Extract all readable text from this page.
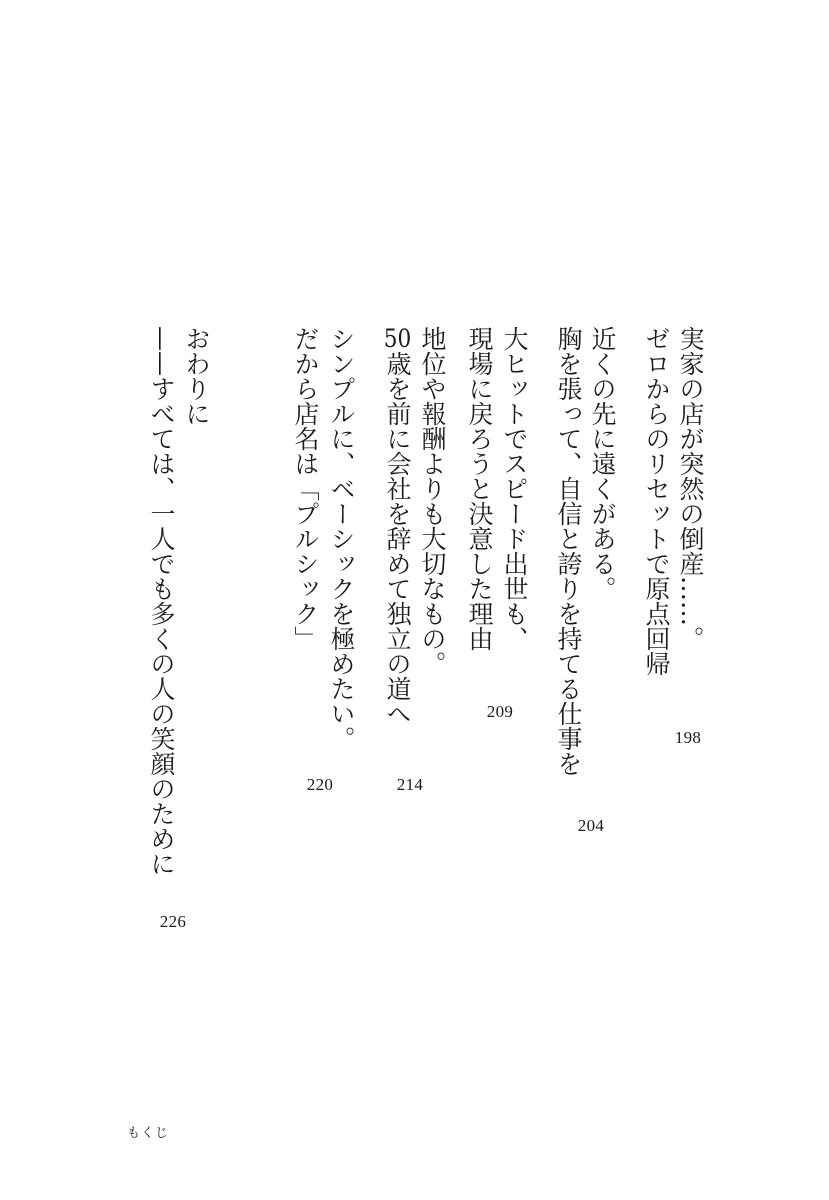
実家の店が突然の倒産……。
ゼロからのリセットで原点回帰
198
近くの先に遠くがある。
胸を張って、自信と誇りを持てる仕事を
204
大ヒットでスピード出世も、
現場に戻ろうと決意した理由
209
地位や報酬よりも大切なもの。
50歳を前に会社を辞めて独立の道へ
214
シンプルに、ベーシックを極めたい。
だから店名は「プルシック」
220
おわりに
——すべては、一人でも多くの人の笑顔のために
226
もくじ
